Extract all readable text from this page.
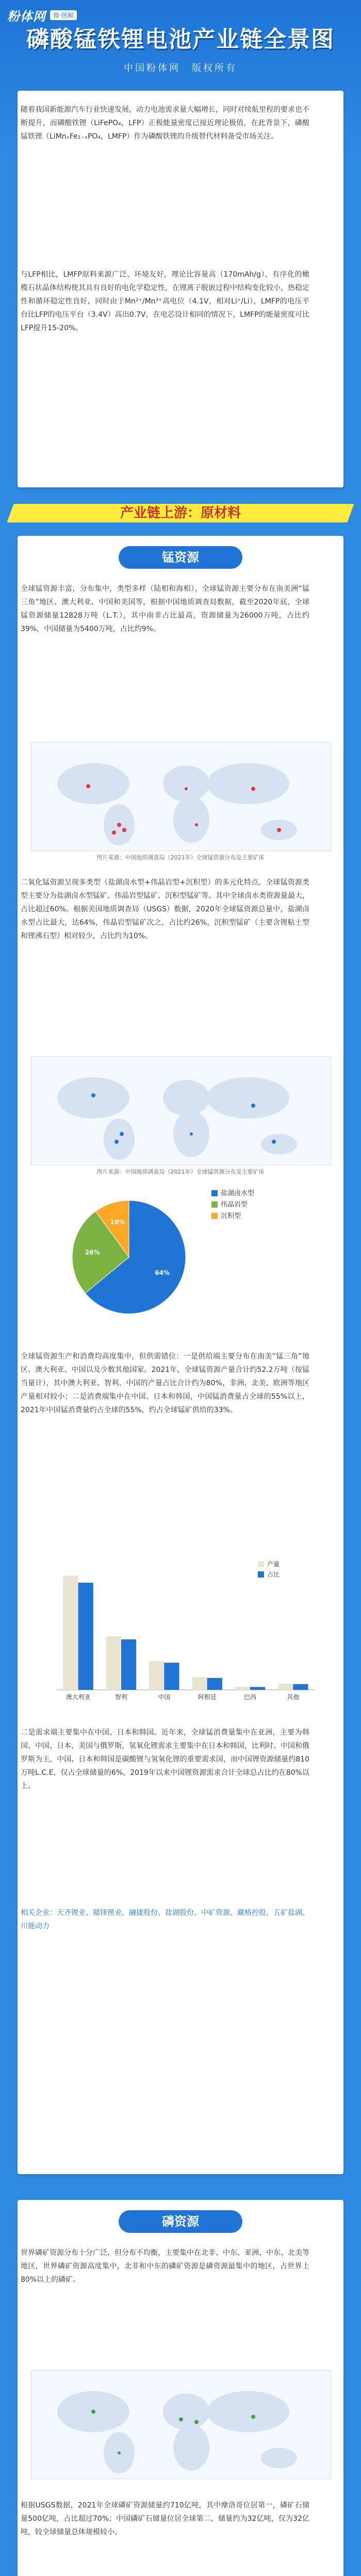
粉体网	微·图解
磷酸锰铁锂电池产业链全景图
中国粉体网　版权所有
随着我国新能源汽车行业快速发展，动力电池需求量大幅增长，同时对续航里程的要求也不断提升，而磷酸铁锂（LiFePO₄，LFP）正极能量密度已接近理论极值，在此背景下，磷酸锰铁锂（LiMnₓFe₁₋ₓPO₄，LMFP）作为磷酸铁锂的升级替代材料备受市场关注。
与LFP相比，LMFP原料来源广泛、环境友好，理论比容量高（170mAh/g），有序化的橄榄石状晶体结构使其具有良好的电化学稳定性，在锂离子脱嵌过程中结构变化较小，热稳定性和循环稳定性良好，同时由于Mn²⁺/Mn³⁺高电位（4.1V，相对Li⁺/Li），LMFP的电压平台比LFP的电压平台（3.4V）高出0.7V，在电芯设计相同的情况下，LMFP的能量密度可比LFP提升15-20%。
产业链上游：原材料
锰资源
全球锰资源丰富，分布集中，类型多样（陆相和海相），全球锰资源主要分布在南美洲“锰三角”地区、澳大利亚、中国和美国等，根据中国地质调查局数据，截至2020年底，全球锰资源储量12828万吨（L.T.），其中南非占比最高，资源储量为26000万吨，占比约39%，中国储量为5400万吨，占比约9%。
图片来源：中国地质调查局（2021年）全球锰资源分布及主要矿床
二氧化锰资源呈现多类型（盐湖卤水型+伟晶岩型+沉积型）的多元化特点，全球锰资源类型主要分为盐湖卤水型锰矿、伟晶岩型锰矿、沉积型锰矿等。其中全球卤水类资源量最大，占比超过60%。根据美国地质调查局（USGS）数据，2020年全球锰资源总量中，盐湖卤水型占比最大，达64%，伟晶岩型锰矿次之，占比约26%，沉积型锰矿（主要含锂粘土型和锂沸石型）相对较少，占比约为10%。
图片来源：中国地质调查局（2021年）全球锰资源分布及主要矿床
64%
盐湖卤水型
26%
伟晶岩型
10%
沉积型
全球锰资源生产和消费均高度集中，但供需错位：一是供给端主要分布在南美“锰三角”地区、澳大利亚、中国以及少数其他国家。2021年，全球锰资源产量合计约52.2万吨（按锰当量计），其中澳大利亚、智利、中国的产量占比合计约为80%，非洲、北美、欧洲等地区产量相对较小；二是消费端集中在中国、日本和韩国，中国锰消费量占全球的55%以上，2021年中国锰消费量约占全球的55%，约占全球锰矿供给的33%。
澳大利亚	智利	中国	阿根廷	巴西	其他
产量
占比
二是需求端主要集中在中国、日本和韩国。近年来，全球锰消费量集中在亚洲，主要为韩国、中国、日本、美国与俄罗斯，氢氧化锂需求主要集中在日本和韩国，比利时、中国和俄罗斯为主，中国、日本和韩国是碳酸锂与氢氧化锂的重要需求国，而中国锂资源储量约810万吨L.C.E，仅占全球储量的6%，2019年以来中国锂资源需求合计全球总占比约在80%以上。
相关企业：天齐锂业、赣锋锂业、融捷股份、盐湖股份、中矿资源、藏格控股、五矿盐湖、川能动力
磷资源
世界磷矿资源分布十分广泛，但分布不均衡，主要集中在北非、中东、亚洲、中东、北美等地区，世界磷矿资源高度集中，北非和中东的磷矿资源是磷资源最集中的地区，占世界上80%以上的磷矿。
根据USGS数据，2021年全球磷矿资源储量约710亿吨，其中摩洛哥位居第一，磷矿石储量500亿吨，占比超过70%；中国磷矿石储量位居全球第二，储量约为32亿吨，仅为32亿吨，较全球储量总体规模较小。
